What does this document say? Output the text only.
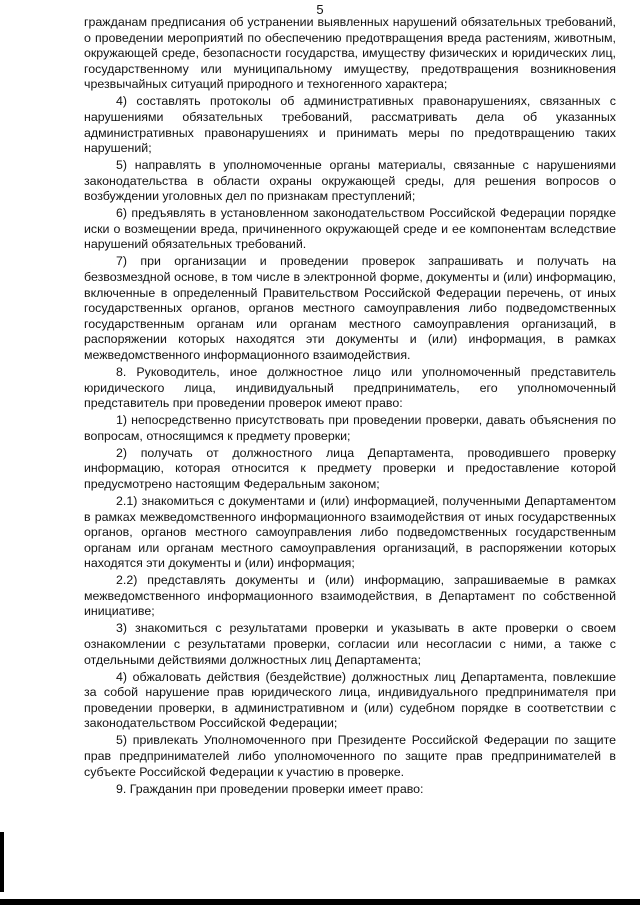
5

гражданам предписания об устранении выявленных нарушений обязательных требований, о проведении мероприятий по обеспечению предотвращения вреда растениям, животным, окружающей среде, безопасности государства, имуществу физических и юридических лиц, государственному или муниципальному имуществу, предотвращения возникновения чрезвычайных ситуаций природного и техногенного характера;

4) составлять протоколы об административных правонарушениях, связанных с нарушениями обязательных требований, рассматривать дела об указанных административных правонарушениях и принимать меры по предотвращению таких нарушений;

5) направлять в уполномоченные органы материалы, связанные с нарушениями законодательства в области охраны окружающей среды, для решения вопросов о возбуждении уголовных дел по признакам преступлений;

6) предъявлять в установленном законодательством Российской Федерации порядке иски о возмещении вреда, причиненного окружающей среде и ее компонентам вследствие нарушений обязательных требований.

7) при организации и проведении проверок запрашивать и получать на безвозмездной основе, в том числе в электронной форме, документы и (или) информацию, включенные в определенный Правительством Российской Федерации перечень, от иных государственных органов, органов местного самоуправления либо подведомственных государственным органам или органам местного самоуправления организаций, в распоряжении которых находятся эти документы и (или) информация, в рамках межведомственного информационного взаимодействия.

8. Руководитель, иное должностное лицо или уполномоченный представитель юридического лица, индивидуальный предприниматель, его уполномоченный представитель при проведении проверок имеют право:

1) непосредственно присутствовать при проведении проверки, давать объяснения по вопросам, относящимся к предмету проверки;

2) получать от должностного лица Департамента, проводившего проверку информацию, которая относится к предмету проверки и предоставление которой предусмотрено настоящим Федеральным законом;

2.1) знакомиться с документами и (или) информацией, полученными Департаментом в рамках межведомственного информационного взаимодействия от иных государственных органов, органов местного самоуправления либо подведомственных государственным органам или органам местного самоуправления организаций, в распоряжении которых находятся эти документы и (или) информация;

2.2) представлять документы и (или) информацию, запрашиваемые в рамках межведомственного информационного взаимодействия, в Департамент по собственной инициативе;

3) знакомиться с результатами проверки и указывать в акте проверки о своем ознакомлении с результатами проверки, согласии или несогласии с ними, а также с отдельными действиями должностных лиц Департамента;

4) обжаловать действия (бездействие) должностных лиц Департамента, повлекшие за собой нарушение прав юридического лица, индивидуального предпринимателя при проведении проверки, в административном и (или) судебном порядке в соответствии с законодательством Российской Федерации;

5) привлекать Уполномоченного при Президенте Российской Федерации по защите прав предпринимателей либо уполномоченного по защите прав предпринимателей в субъекте Российской Федерации к участию в проверке.

9. Гражданин при проведении проверки имеет право:
